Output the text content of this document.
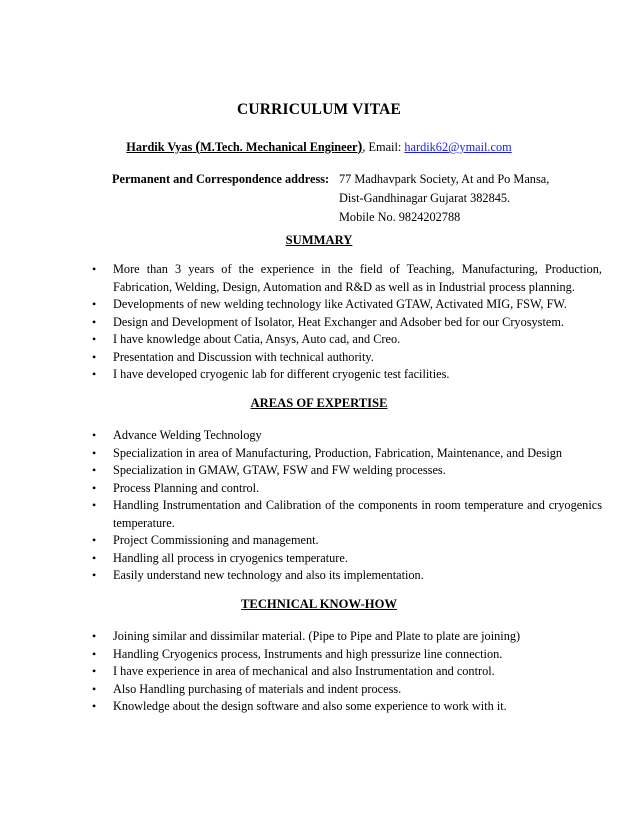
CURRICULUM VITAE
Hardik Vyas (M.Tech. Mechanical Engineer), Email: hardik62@ymail.com
Permanent and Correspondence address: 77 Madhavpark Society, At and Po Mansa,
Dist-Gandhinagar Gujarat 382845.
Mobile No. 9824202788
SUMMARY
• More than 3 years of the experience in the field of Teaching, Manufacturing, Production, Fabrication, Welding, Design, Automation and R&D as well as in Industrial process planning.
• Developments of new welding technology like Activated GTAW, Activated MIG, FSW, FW.
• Design and Development of Isolator, Heat Exchanger and Adsober bed for our Cryosystem.
• I have knowledge about Catia, Ansys, Auto cad, and Creo.
• Presentation and Discussion with technical authority.
• I have developed cryogenic lab for different cryogenic test facilities.
AREAS OF EXPERTISE
• Advance Welding Technology
• Specialization in area of Manufacturing, Production, Fabrication, Maintenance, and Design
• Specialization in GMAW, GTAW, FSW and FW welding processes.
• Process Planning and control.
• Handling Instrumentation and Calibration of the components in room temperature and cryogenics temperature.
• Project Commissioning and management.
• Handling all process in cryogenics temperature.
• Easily understand new technology and also its implementation.
TECHNICAL KNOW-HOW
• Joining similar and dissimilar material. (Pipe to Pipe and Plate to plate are joining)
• Handling Cryogenics process, Instruments and high pressurize line connection.
• I have experience in area of mechanical and also Instrumentation and control.
• Also Handling purchasing of materials and indent process.
• Knowledge about the design software and also some experience to work with it.
